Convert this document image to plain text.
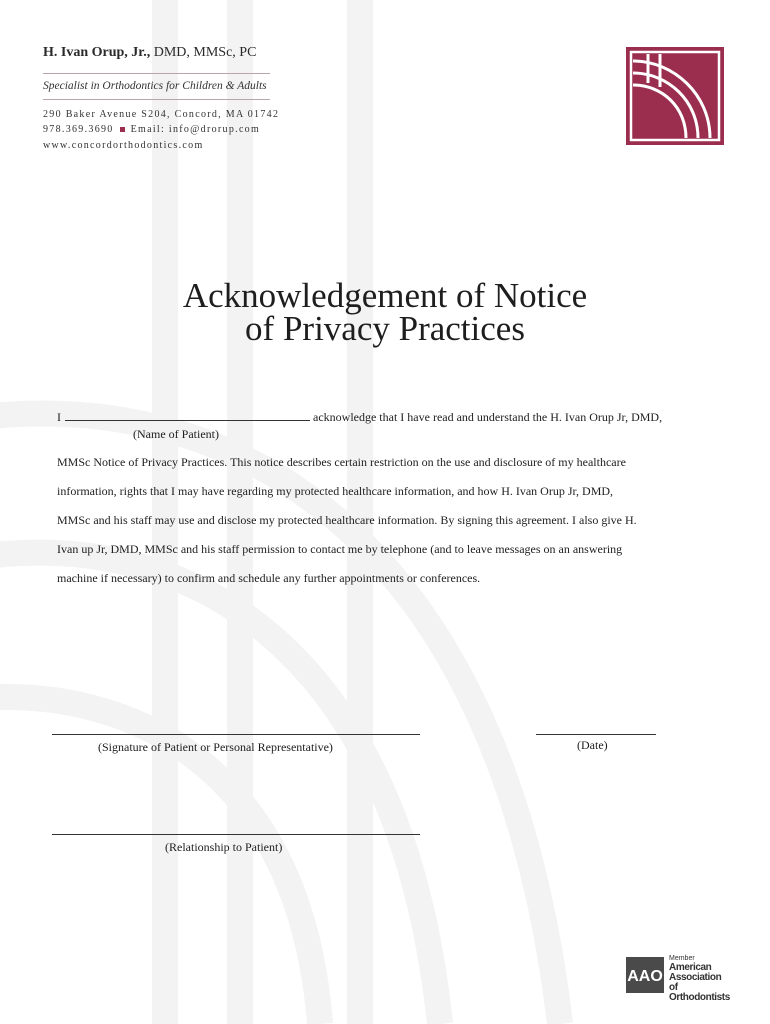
H. Ivan Orup, Jr., DMD, MMSc, PC
Specialist in Orthodontics for Children & Adults
290 Baker Avenue S204, Concord, MA 01742
978.369.3690 Email: info@drorup.com
www.concordorthodontics.com
Acknowledgement of Notice
of Privacy Practices
I	acknowledge that I have read and understand the H. Ivan Orup Jr, DMD,
(Name of Patient)
MMSc Notice of Privacy Practices. This notice describes certain restriction on the use and disclosure of my healthcare
information, rights that I may have regarding my protected healthcare information, and how H. Ivan Orup Jr, DMD,
MMSc and his staff may use and disclose my protected healthcare information. By signing this agreement. I also give H.
Ivan up Jr, DMD, MMSc and his staff permission to contact me by telephone (and to leave messages on an answering
machine if necessary) to confirm and schedule any further appointments or conferences.
(Signature of Patient or Personal Representative)	(Date)
(Relationship to Patient)
AAO
Member
American
Association of
Orthodontists
